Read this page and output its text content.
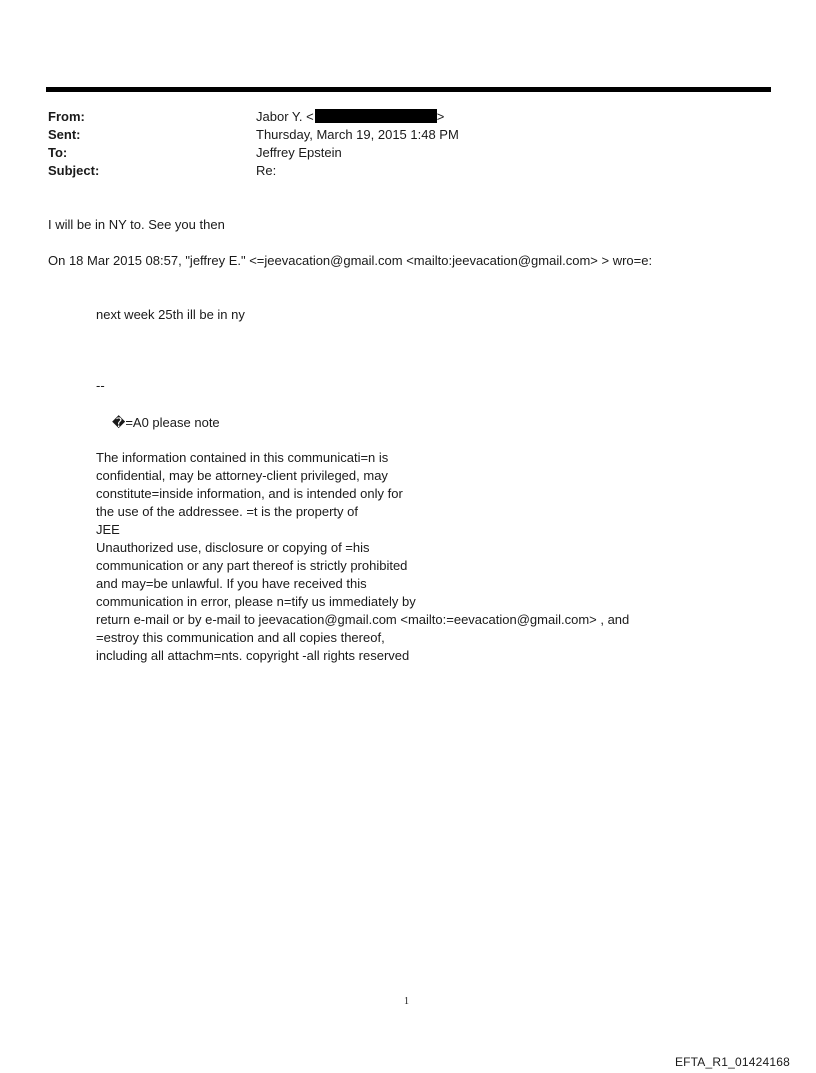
From:	Jabor Y. <	>
Sent:	Thursday, March 19, 2015 1:48 PM
To:	Jeffrey Epstein
Subject:	Re:
I will be in NY to. See you then
On 18 Mar 2015 08:57, "jeffrey E." <=jeevacation@gmail.com <mailto:jeevacation@gmail.com> > wro=e:
next week 25th ill be in ny
--
�=A0 please note
The information contained in this communicati=n is
confidential, may be attorney-client privileged, may
constitute=inside information, and is intended only for
the use of the addressee. =t is the property of
JEE
Unauthorized use, disclosure or copying of =his
communication or any part thereof is strictly prohibited
and may=be unlawful. If you have received this
communication in error, please n=tify us immediately by
return e-mail or by e-mail to jeevacation@gmail.com <mailto:=eevacation@gmail.com> , and
=estroy this communication and all copies thereof,
including all attachm=nts. copyright -all rights reserved
1
EFTA_R1_01424168
